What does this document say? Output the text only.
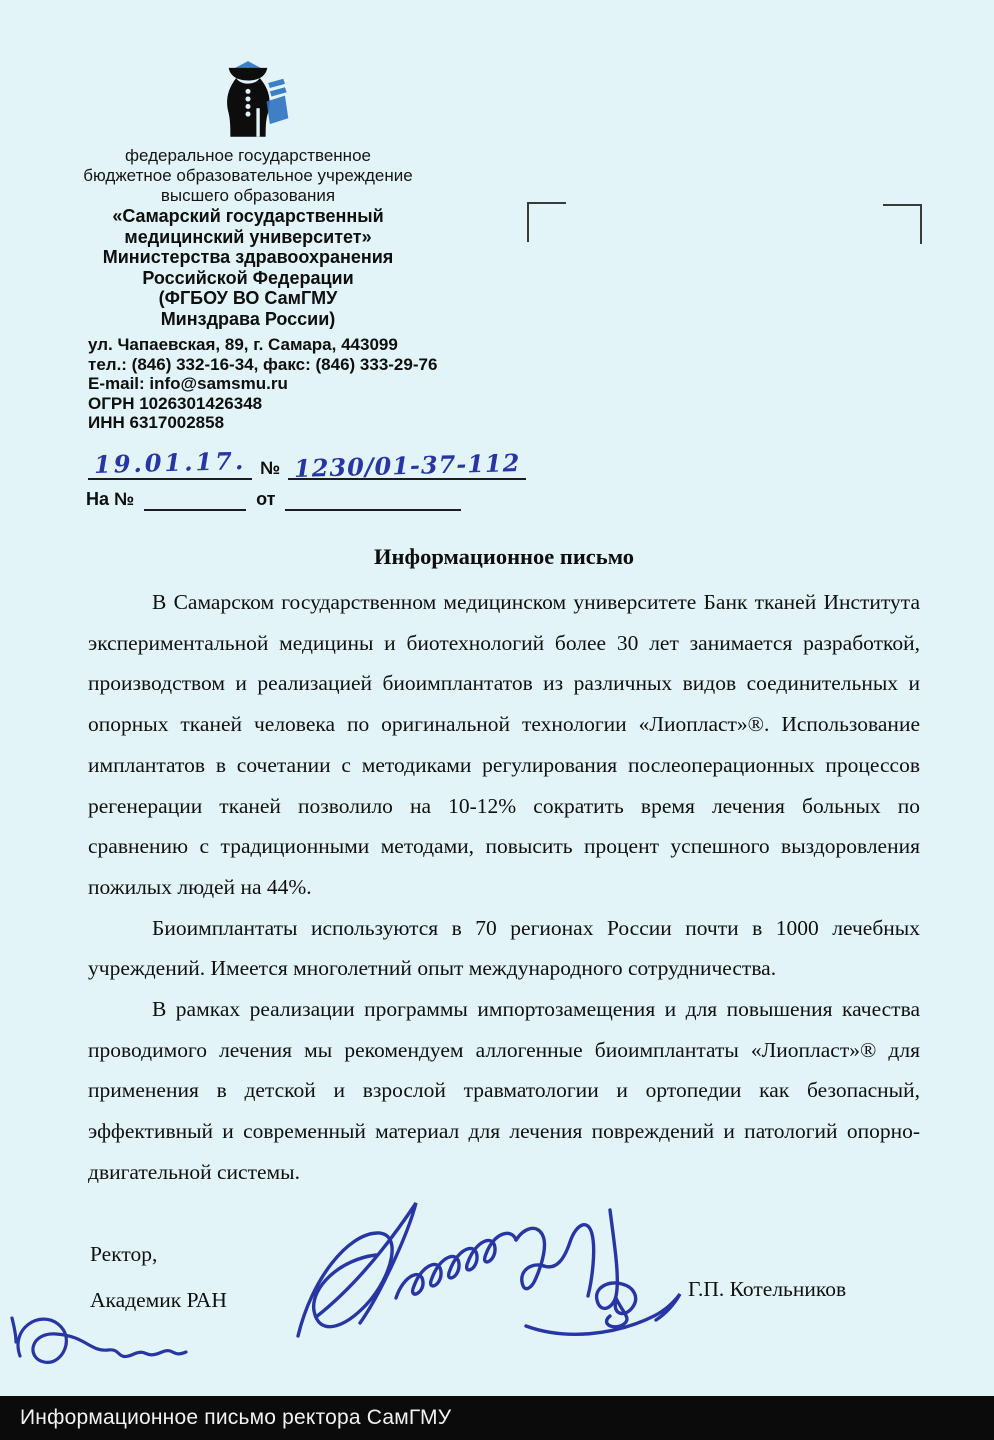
федеральное государственное
бюджетное образовательное учреждение
высшего образования
«Самарский государственный
медицинский университет»
Министерства здравоохранения
Российской Федерации
(ФГБОУ ВО СамГМУ
Минздрава России)
ул. Чапаевская, 89, г. Самара, 443099
тел.: (846) 332-16-34, факс: (846) 333-29-76
E-mail: info@samsmu.ru
ОГРН 1026301426348
ИНН 6317002858
19.01.17. № 1230/01-37-112
На №	от
Информационное письмо

В Самарском государственном медицинском университете Банк тканей Института экспериментальной медицины и биотехнологий более 30 лет занимается разработкой, производством и реализацией биоимплантатов из различных видов соединительных и опорных тканей человека по оригинальной технологии «Лиопласт»®. Использование имплантатов в сочетании с методиками регулирования послеоперационных процессов регенерации тканей позволило на 10-12% сократить время лечения больных по сравнению с традиционными методами, повысить процент успешного выздоровления пожилых людей на 44%.

Биоимплантаты используются в 70 регионах России почти в 1000 лечебных учреждений. Имеется многолетний опыт международного сотрудничества.

В рамках реализации программы импортозамещения и для повышения качества проводимого лечения мы рекомендуем аллогенные биоимплантаты «Лиопласт»® для применения в детской и взрослой травматологии и ортопедии как безопасный, эффективный и современный материал для лечения повреждений и патологий опорно-двигательной системы.

Ректор,
Академик РАН	Г.П. Котельников
Информационное письмо ректора СамГМУ
